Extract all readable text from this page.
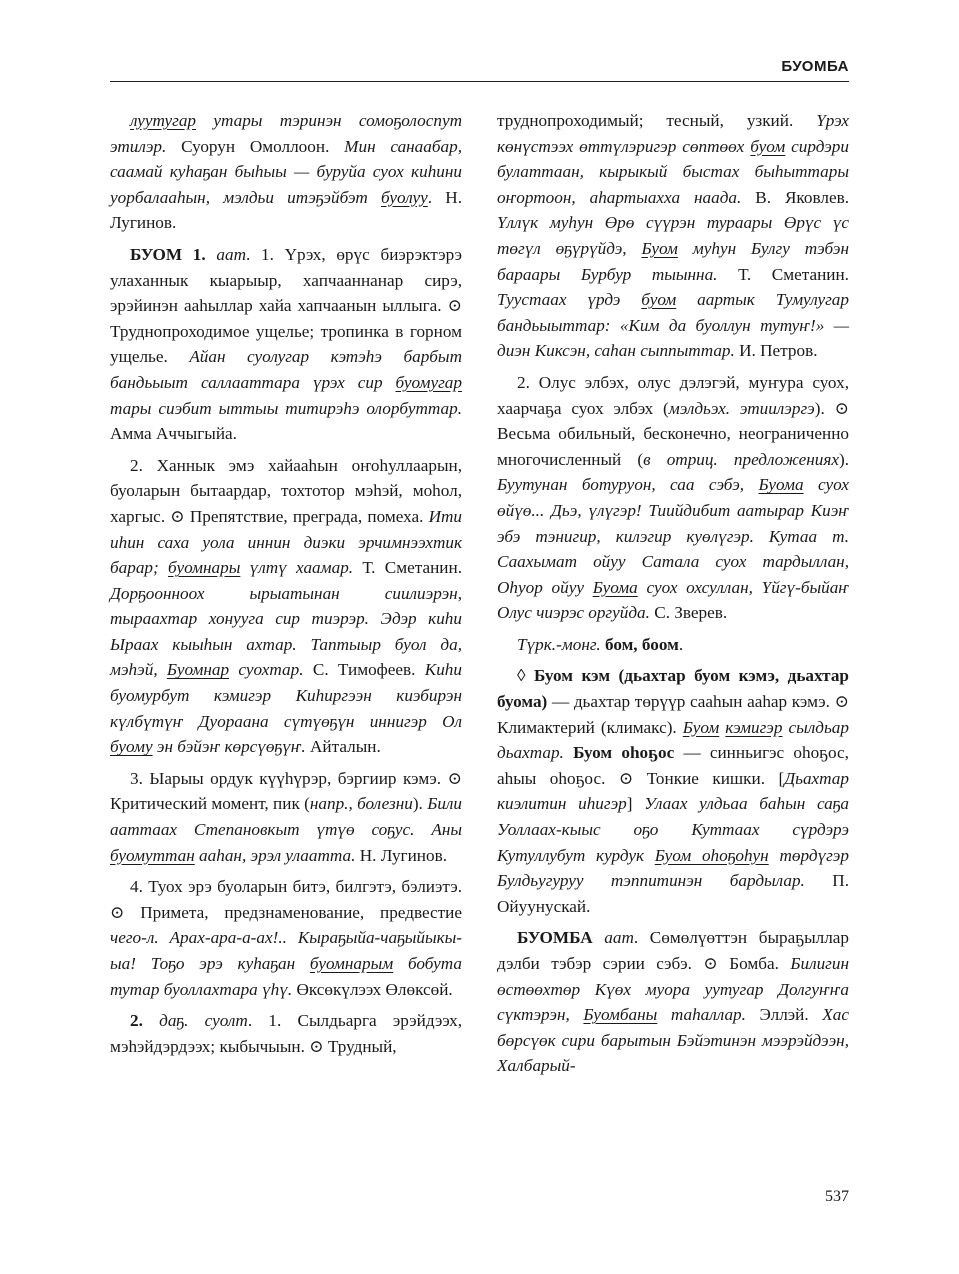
БУОМБА

луутугар утары тэринэн сомоҕолоспут этилэр. Суорун Омоллоон. Мин санаабар, саамай куһаҕан быһыы — буруйа суох киһини уорбалааһын, мэлдьи итэҕэйбэт буолуу. Н. Лугинов.

БУОМ 1. аат. 1. Үрэх, өрүс биэрэктэрэ улаханнык кыарыыр, хапчааннанар сирэ, эрэйинэн ааһыллар хайа хапчаанын ыллыга. ⊙ Труднопроходимое ущелье; тропинка в горном ущелье. Айан суолугар кэтэһэ барбыт бандьыыт саллааттара үрэх сир буомугар тары сиэбит ыттыы титирэһэ олорбуттар. Амма Аччыгыйа.

2. Ханнык эмэ хайааһын оҥоһуллаарын, буоларын бытаардар, тохтотор мэһэй, моһол, харгыс. ⊙ Препятствие, преграда, помеха. Ити иһин саха уола иннин диэки эрчимнээхтик барар; буомнары үлтү хаамар. Т. Сметанин. Дорҕоонноох ырыатынан сиилиэрэн, тыраахтар хонууга сир тиэрэр. Эдэр киһи Ыраах кыыһын ахтар. Таптыыр буол да, мэһэй, Буомнар суохтар. С. Тимофеев. Киһи буомурбут кэмигэр Киһиргээн киэбирэн күлбүтүҥ Дуораана сүтүөҕүн иннигэр Ол буому эн бэйэҥ көрсүөҕүҥ. Айталын.

3. Ыарыы ордук күүһүрэр, бэргиир кэмэ. ⊙ Критический момент, пик (напр., болезни). Били ааттаах Степановкыт үтүө соҕус. Аны буомуттан ааһан, эрэл улаатта. Н. Лугинов.

4. Туох эрэ буоларын битэ, билгэтэ, бэлиэтэ. ⊙ Примета, предзнаменование, предвестие чего-л. Арах-ара-а-ах!.. Кыраҕыйа-чаҕыйыкы-ыа! Тоҕо эрэ куһаҕан буомнарым бобута тутар буоллахтара үһү. Өксөкүлээх Өлөксөй.

2. даҕ. суолт. 1. Сылдьарга эрэйдээх, мэһэйдэрдээх; кыбычыын. ⊙ Трудный,

труднопроходимый; тесный, узкий. Үрэх көнүстээх өттүлэригэр сөптөөх буом сирдэри булаттаан, кырыкый быстах быһыттары оҥортоон, аһартыахха наада. В. Яковлев. Үллүк муһун Өрө сүүрэн тураары Өрүс үс төгүл өҕүрүйдэ, Буом муһун Булгу тэбэн бараары Бурбур тыынна. Т. Сметанин. Туустаах үрдэ буом аартык Тумулугар бандьыыттар: «Ким да буоллун тутуҥ!» — диэн Киксэн, саһан сыппыттар. И. Петров.

2. Олус элбэх, олус дэлэгэй, муҥура суох, хаарчаҕа суох элбэх (мэлдьэх. этиилэргэ). ⊙ Весьма обильный, бесконечно, неограниченно многочисленный (в отриц. предложениях). Буутунан ботуруон, саа сэбэ, Буома суох өйүө... Дьэ, үлүгэр! Тиийдибит аатырар Киэҥ эбэ тэнигир, килэгир куөлүгэр. Кутаа т. Саахымат ойуу Сатала суох тардыллан, Оһуор ойуу Буома суох охсуллан, Үйгү-быйаҥ Олус чиэрэс оргуйда. С. Зверев.

Түрк.-монг. бом, боом.

◊ Буом кэм (дьахтар буом кэмэ, дьахтар буома) — дьахтар төрүүр сааһын ааһар кэмэ. ⊙ Климактерий (климакс). Буом кэмигэр сылдьар дьахтар. Буом оһоҕос — синньигэс оһоҕос, аһыы оһоҕос. ⊙ Тонкие кишки. [Дьахтар киэлитин иһигэр] Улаах улдьаа баһын саҕа Уоллаах-кыыс оҕо Куттаах сүрдэрэ Кутуллубут курдук Буом оһоҕоһун төрдүгэр Булдьугуруу тэппитинэн бардылар. П. Ойуунускай.

БУОМБА аат. Сөмөлүөттэн быраҕыллар дэлби тэбэр сэрии сэбэ. ⊙ Бомба. Билигин өстөөхтөр Күөх муора уутугар Долгуҥҥа сүктэрэн, Буомбаны таһаллар. Эллэй. Хас бөрсүөк сири барытын Бэйэтинэн мээрэйдээн, Халбарый-

537
